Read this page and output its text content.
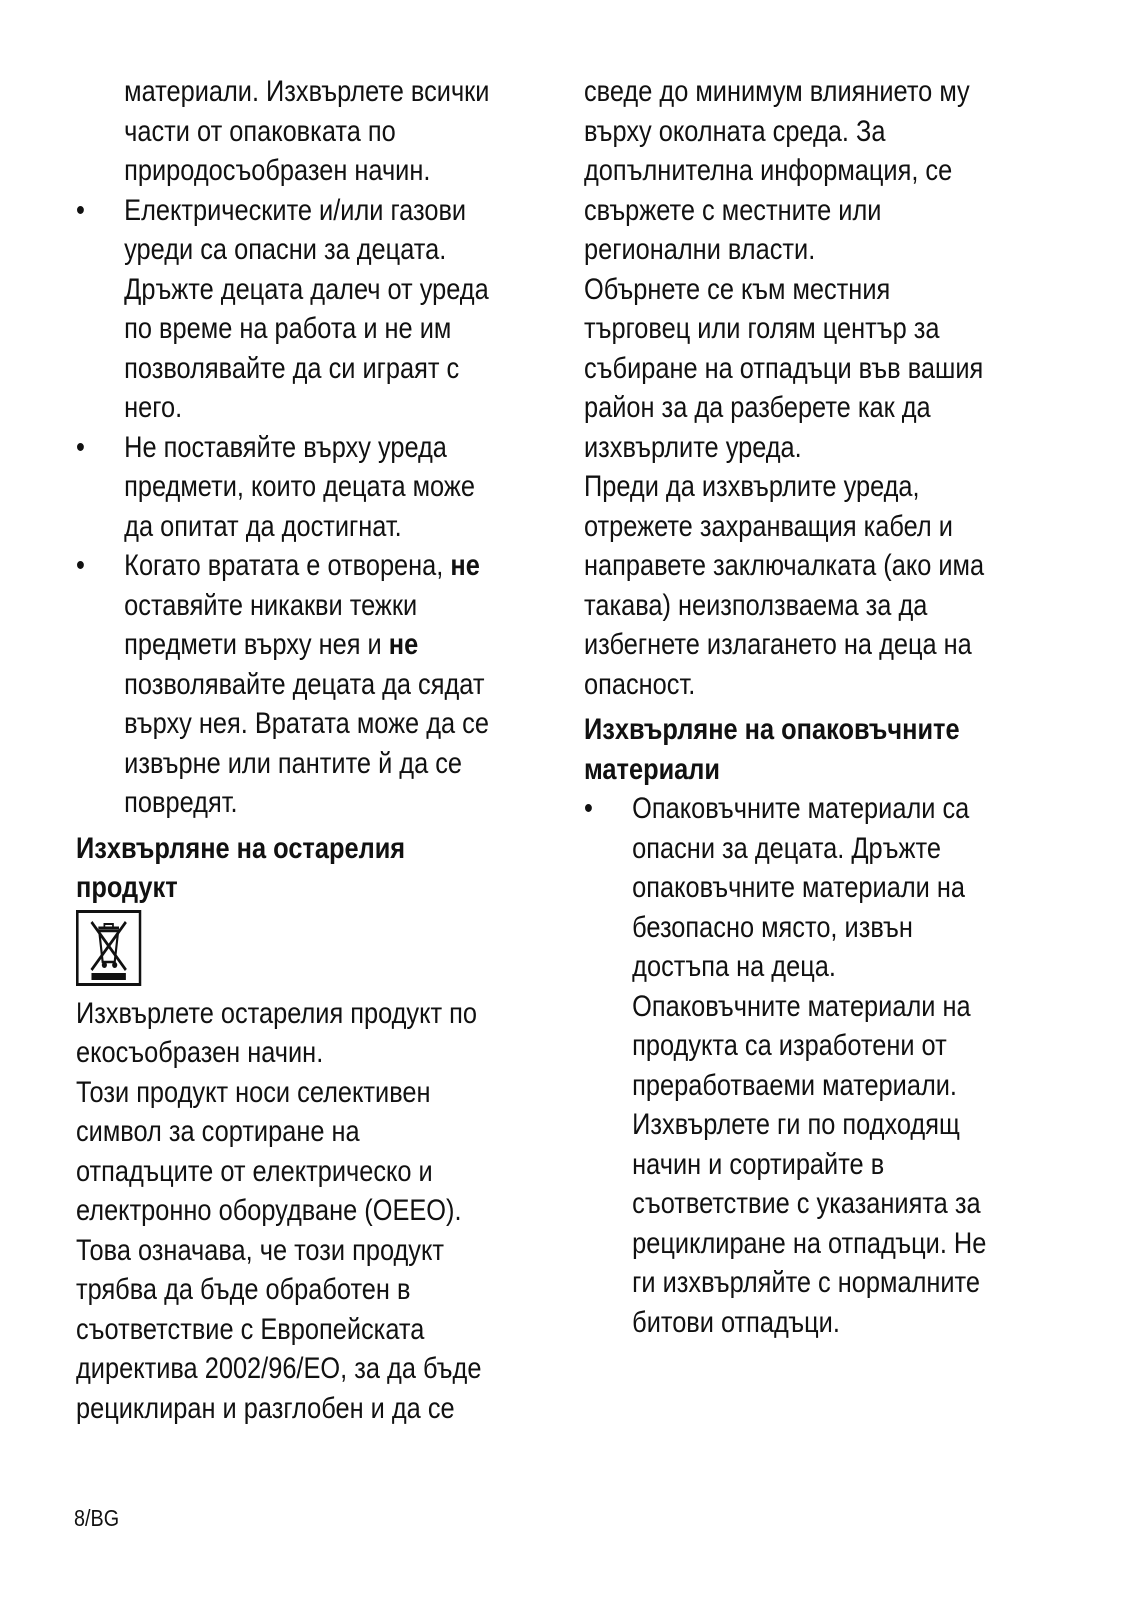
материали. Изхвърлете всички
части от опаковката по
природосъобразен начин.
• Електрическите и/или газови
уреди са опасни за децата.
Дръжте децата далеч от уреда
по време на работа и не им
позволявайте да си играят с
него.
• Не поставяйте върху уреда
предмети, които децата може
да опитат да достигнат.
• Когато вратата е отворена, не
оставяйте никакви тежки
предмети върху нея и не
позволявайте децата да сядат
върху нея. Вратата може да се
извърне или пантите й да се
повредят.
Изхвърляне на остарелия
продукт
Изхвърлете остарелия продукт по
екосъобразен начин.
Този продукт носи селективен
символ за сортиране на
отпадъците от електрическо и
електронно оборудване (ОЕЕО).
Това означава, че този продукт
трябва да бъде обработен в
съответствие с Европейската
директива 2002/96/ЕО, за да бъде
рециклиран и разглобен и да се
сведе до минимум влиянието му
върху околната среда. За
допълнителна информация, се
свържете с местните или
регионални власти.
Обърнете се към местния
търговец или голям център за
събиране на отпадъци във вашия
район за да разберете как да
изхвърлите уреда.
Преди да изхвърлите уреда,
отрежете захранващия кабел и
направете заключалката (ако има
такава) неизползваема за да
избегнете излагането на деца на
опасност.
Изхвърляне на опаковъчните
материали
• Опаковъчните материали са
опасни за децата. Дръжте
опаковъчните материали на
безопасно място, извън
достъпа на деца.
Опаковъчните материали на
продукта са изработени от
преработваеми материали.
Изхвърлете ги по подходящ
начин и сортирайте в
съответствие с указанията за
рециклиране на отпадъци. Не
ги изхвърляйте с нормалните
битови отпадъци.
8/BG
